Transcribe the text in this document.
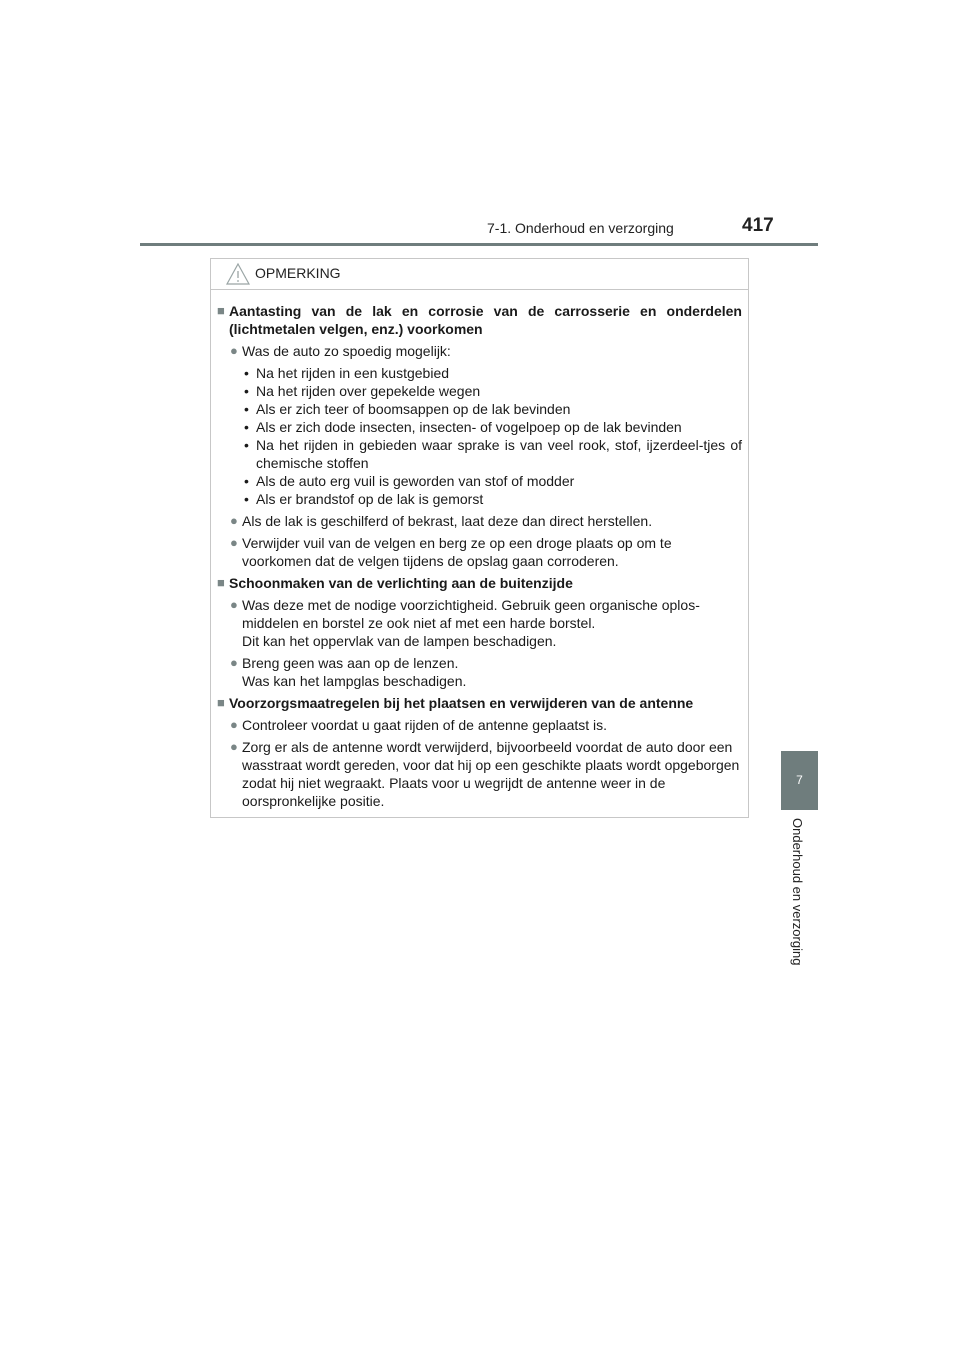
7-1. Onderhoud en verzorging	417
7
Onderhoud en verzorging
OPMERKING
■ Aantasting van de lak en corrosie van de carrosserie en onderdelen (lichtmetalen velgen, enz.) voorkomen
● Was de auto zo spoedig mogelijk:
• Na het rijden in een kustgebied
• Na het rijden over gepekelde wegen
• Als er zich teer of boomsappen op de lak bevinden
• Als er zich dode insecten, insecten- of vogelpoep op de lak bevinden
• Na het rijden in gebieden waar sprake is van veel rook, stof, ijzerdeel-tjes of chemische stoffen
• Als de auto erg vuil is geworden van stof of modder
• Als er brandstof op de lak is gemorst
● Als de lak is geschilferd of bekrast, laat deze dan direct herstellen.
● Verwijder vuil van de velgen en berg ze op een droge plaats op om te voorkomen dat de velgen tijdens de opslag gaan corroderen.
■ Schoonmaken van de verlichting aan de buitenzijde
● Was deze met de nodige voorzichtigheid. Gebruik geen organische oplos-middelen en borstel ze ook niet af met een harde borstel.
Dit kan het oppervlak van de lampen beschadigen.
● Breng geen was aan op de lenzen.
Was kan het lampglas beschadigen.
■ Voorzorgsmaatregelen bij het plaatsen en verwijderen van de antenne
● Controleer voordat u gaat rijden of de antenne geplaatst is.
● Zorg er als de antenne wordt verwijderd, bijvoorbeeld voordat de auto door een wasstraat wordt gereden, voor dat hij op een geschikte plaats wordt opgeborgen zodat hij niet wegraakt. Plaats voor u wegrijdt de antenne weer in de oorspronkelijke positie.
